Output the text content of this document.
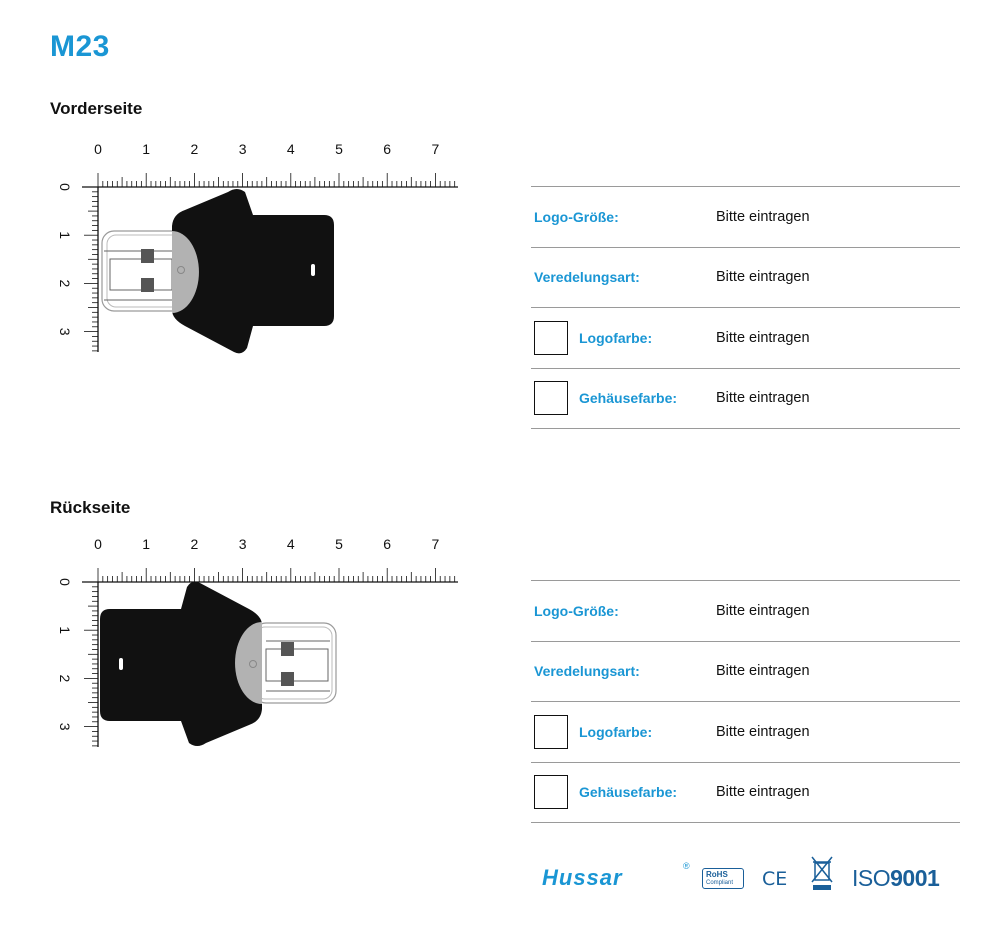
M23
Vorderseite
0	1	2	3	4	5	6	7
0
1
2
3
Logo-Größe:	Bitte eintragen
Veredelungsart:	Bitte eintragen
Logofarbe:	Bitte eintragen
Gehäusefarbe:	Bitte eintragen
Rückseite
0	1	2	3	4	5	6	7
0
1
2
3
Logo-Größe:	Bitte eintragen
Veredelungsart:	Bitte eintragen
Logofarbe:	Bitte eintragen
Gehäusefarbe:	Bitte eintragen
Hussar	®
RoHS
Compliant	CE	ISO9001
